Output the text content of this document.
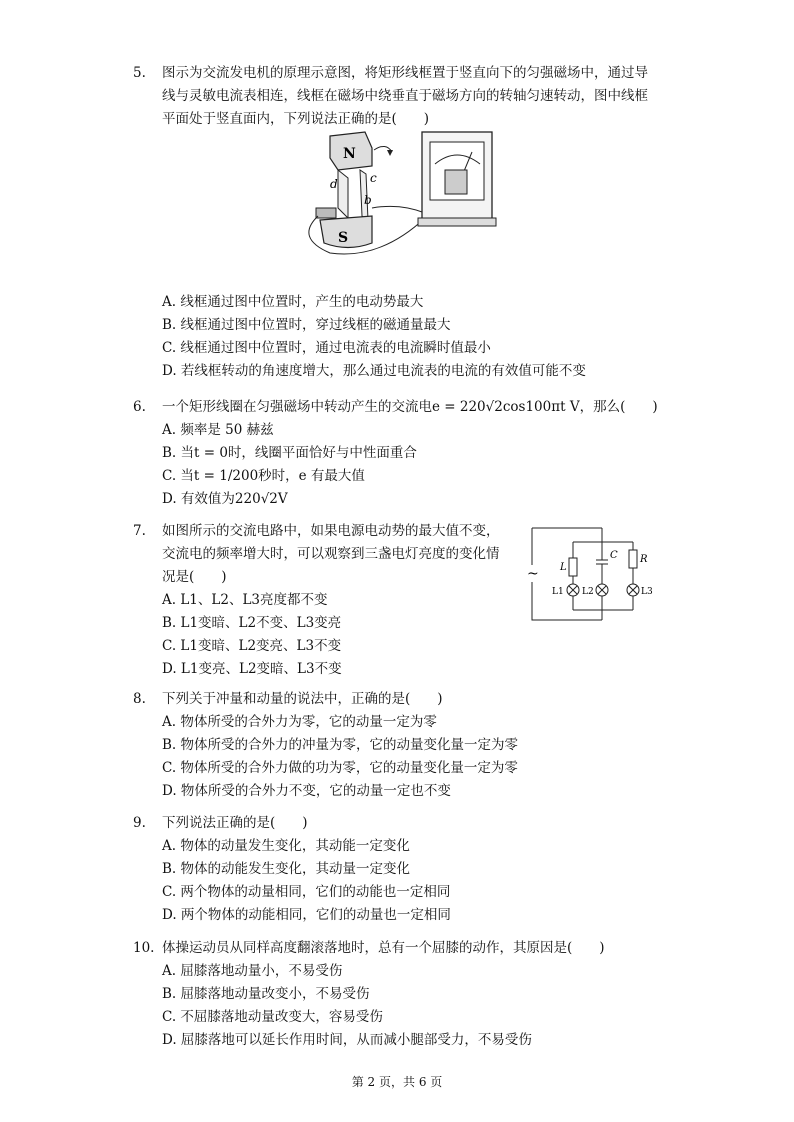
5.	图示为交流发电机的原理示意图，将矩形线框置于竖直向下的匀强磁场中，通过导
线与灵敏电流表相连，线框在磁场中绕垂直于磁场方向的转轴匀速转动，图中线框
平面处于竖直面内，下列说法正确的是(　　)
N
d	c
b
S
A. 线框通过图中位置时，产生的电动势最大
B. 线框通过图中位置时，穿过线框的磁通量最大
C. 线框通过图中位置时，通过电流表的电流瞬时值最小
D. 若线框转动的角速度增大，那么通过电流表的电流的有效值可能不变
6.	一个矩形线圈在匀强磁场中转动产生的交流电e = 220√2cos100πt V，那么(　　)
A. 频率是 50 赫兹
B. 当t = 0时，线圈平面恰好与中性面重合
C. 当t = 1/200秒时，e 有最大值
D. 有效值为220√2V
7.	如图所示的交流电路中，如果电源电动势的最大值不变，
交流电的频率增大时，可以观察到三盏电灯亮度的变化情
况是(　　)
A. L1、L2、L3亮度都不变
B. L1变暗、L2不变、L3变亮
C. L1变暗、L2变亮、L3不变
D. L1变亮、L2变暗、L3不变
~ L
C R
L1 L2	L3
8.	下列关于冲量和动量的说法中，正确的是(　　)
A. 物体所受的合外力为零，它的动量一定为零
B. 物体所受的合外力的冲量为零，它的动量变化量一定为零
C. 物体所受的合外力做的功为零，它的动量变化量一定为零
D. 物体所受的合外力不变，它的动量一定也不变
9.	下列说法正确的是(　　)
A. 物体的动量发生变化，其动能一定变化
B. 物体的动能发生变化，其动量一定变化
C. 两个物体的动量相同，它们的动能也一定相同
D. 两个物体的动能相同，它们的动量也一定相同
10. 体操运动员从同样高度翻滚落地时，总有一个屈膝的动作，其原因是(　　)
A. 屈膝落地动量小，不易受伤
B. 屈膝落地动量改变小，不易受伤
C. 不屈膝落地动量改变大，容易受伤
D. 屈膝落地可以延长作用时间，从而减小腿部受力，不易受伤
第 2 页，共 6 页
